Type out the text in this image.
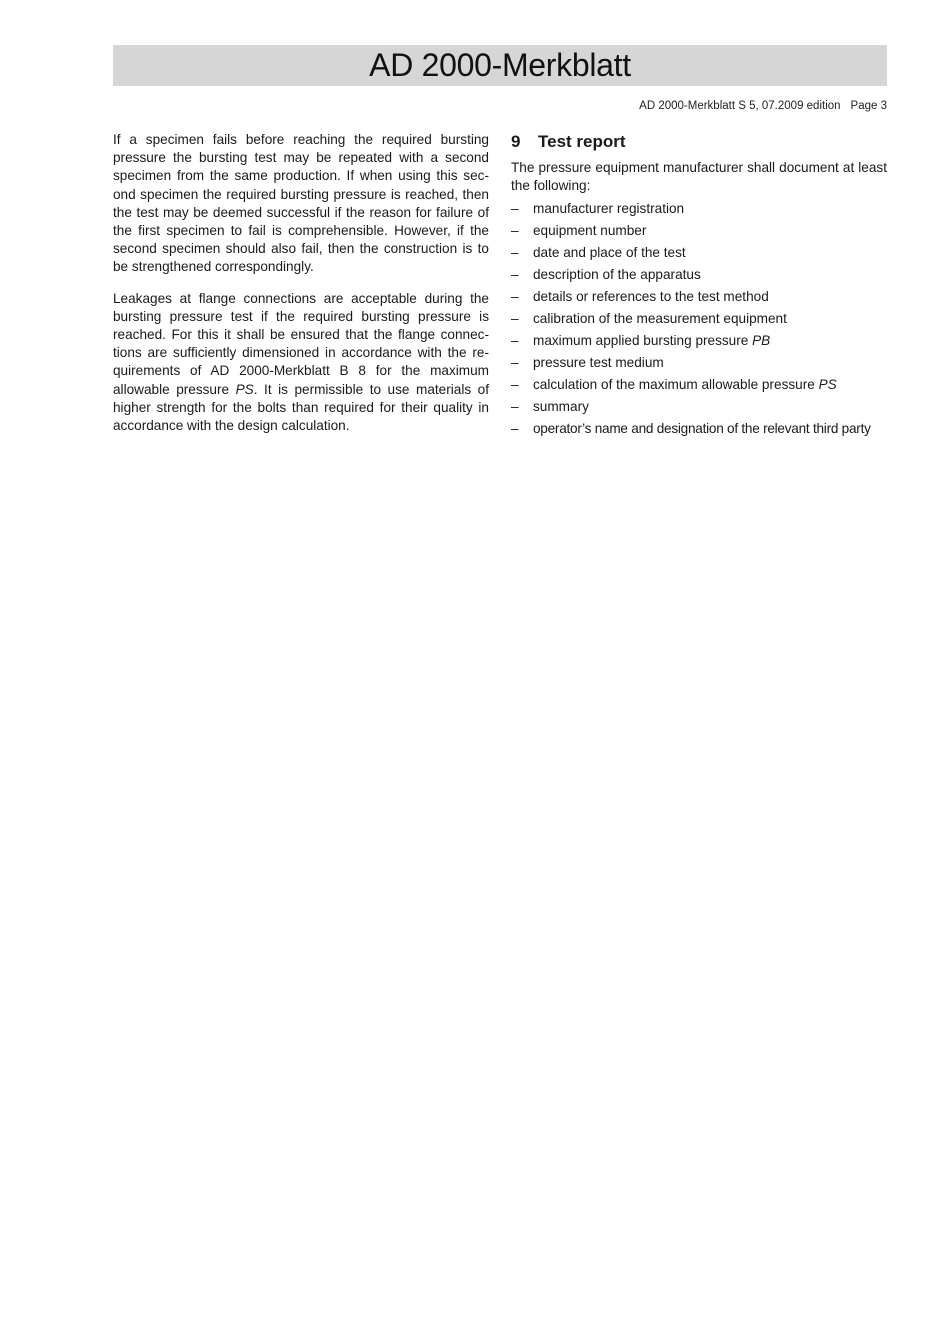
AD 2000-Merkblatt
AD 2000-Merkblatt S 5, 07.2009 edition Page 3

If a specimen fails before reaching the required bursting pressure the bursting test may be repeated with a second specimen from the same production. If when using this second specimen the required bursting pressure is reached, then the test may be deemed successful if the reason for failure of the first specimen to fail is comprehensible. However, if the second specimen should also fail, then the construction is to be strengthened correspondingly.

Leakages at flange connections are acceptable during the bursting pressure test if the required bursting pressure is reached. For this it shall be ensured that the flange connections are sufficiently dimensioned in accordance with the requirements of AD 2000-Merkblatt B 8 for the maximum allowable pressure PS. It is permissible to use materials of higher strength for the bolts than required for their quality in accordance with the design calculation.

9 Test report

The pressure equipment manufacturer shall document at least the following:

–	manufacturer registration
–	equipment number
–	date and place of the test
–	description of the apparatus
–	details or references to the test method
–	calibration of the measurement equipment
–	maximum applied bursting pressure PB
–	pressure test medium
–	calculation of the maximum allowable pressure PS
–	summary
–	operator’s name and designation of the relevant third party
